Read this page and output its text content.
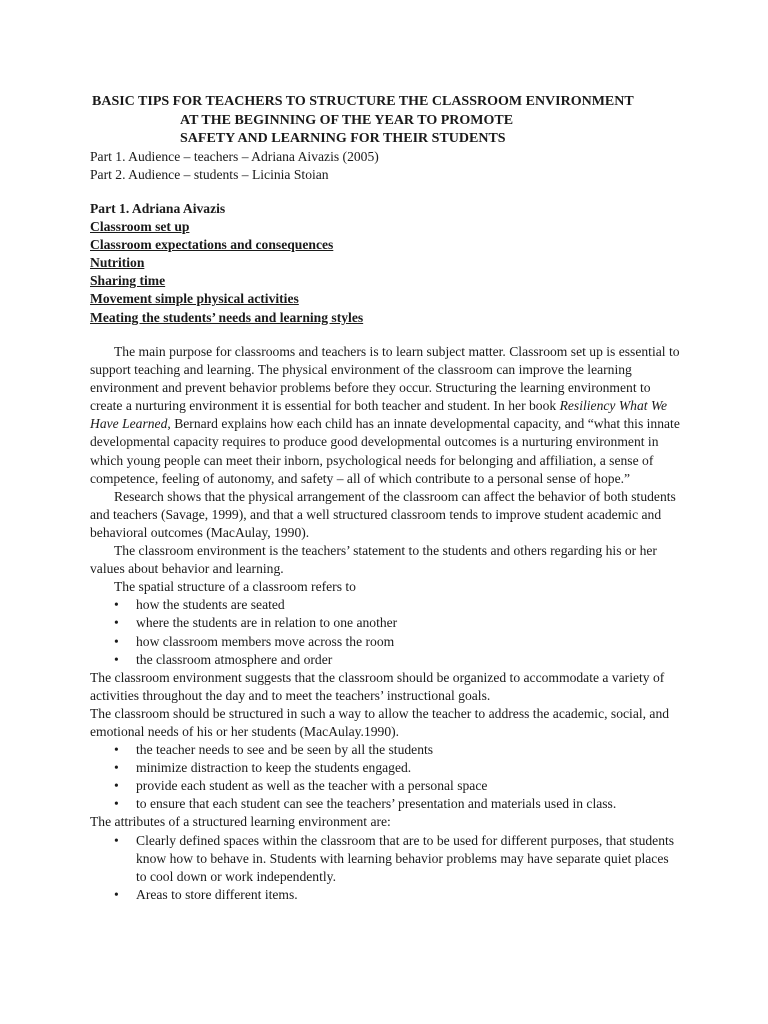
BASIC TIPS FOR TEACHERS TO STRUCTURE THE CLASSROOM ENVIRONMENT
AT THE BEGINNING OF THE YEAR TO PROMOTE
SAFETY AND LEARNING FOR THEIR STUDENTS
Part 1. Audience – teachers – Adriana Aivazis (2005)
Part 2. Audience – students – Licinia Stoian
Part 1. Adriana Aivazis
Classroom set up
Classroom expectations and consequences
Nutrition
Sharing time
Movement simple physical activities
Meating the students’ needs and learning styles

The main purpose for classrooms and teachers is to learn subject matter. Classroom set up is essential to support teaching and learning. The physical environment of the classroom can improve the learning environment and prevent behavior problems before they occur. Structuring the learning environment to create a nurturing environment it is essential for both teacher and student. In her book Resiliency What We Have Learned, Bernard explains how each child has an innate developmental capacity, and “what this innate developmental capacity requires to produce good developmental outcomes is a nurturing environment in which young people can meet their inborn, psychological needs for belonging and affiliation, a sense of competence, feeling of autonomy, and safety – all of which contribute to a personal sense of hope.”

Research shows that the physical arrangement of the classroom can affect the behavior of both students and teachers (Savage, 1999), and that a well structured classroom tends to improve student academic and behavioral outcomes (MacAulay, 1990).

The classroom environment is the teachers’ statement to the students and others regarding his or her values about behavior and learning.

The spatial structure of a classroom refers to

• how the students are seated
• where the students are in relation to one another
• how classroom members move across the room
• the classroom atmosphere and order

The classroom environment suggests that the classroom should be organized to accommodate a variety of activities throughout the day and to meet the teachers’ instructional goals.

The classroom should be structured in such a way to allow the teacher to address the academic, social, and emotional needs of his or her students (MacAulay.1990).

• the teacher needs to see and be seen by all the students
• minimize distraction to keep the students engaged.
• provide each student as well as the teacher with a personal space
• to ensure that each student can see the teachers’ presentation and materials used in class.

The attributes of a structured learning environment are:

• Clearly defined spaces within the classroom that are to be used for different purposes, that students know how to behave in. Students with learning behavior problems may have separate quiet places to cool down or work independently.
• Areas to store different items.
